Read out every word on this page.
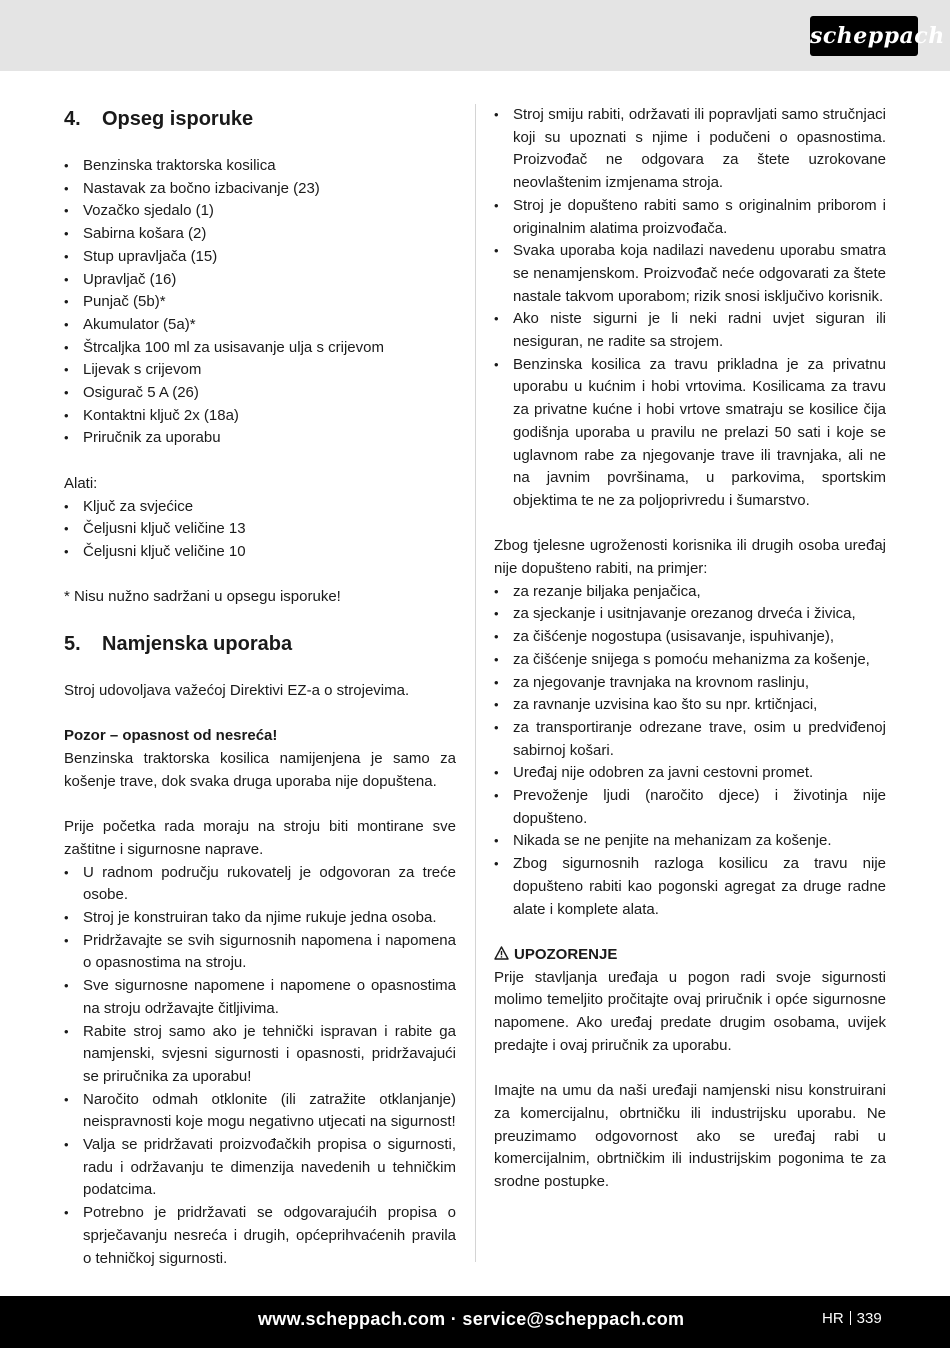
scheppach
4.	Opseg isporuke
• Benzinska traktorska kosilica
• Nastavak za bočno izbacivanje (23)
• Vozačko sjedalo (1)
• Sabirna košara (2)
• Stup upravljača (15)
• Upravljač (16)
• Punjač (5b)*
• Akumulator (5a)*
• Štrcaljka 100 ml za usisavanje ulja s crijevom
• Lijevak s crijevom
• Osigurač 5 A (26)
• Kontaktni ključ 2x (18a)
• Priručnik za uporabu

Alati:

• Ključ za svjećice
• Čeljusni ključ veličine 13
• Čeljusni ključ veličine 10

* Nisu nužno sadržani u opsegu isporuke!

5.	Namjenska uporaba

Stroj udovoljava važećoj Direktivi EZ-a o strojevima.

Pozor – opasnost od nesreća!

Benzinska traktorska kosilica namijenjena je samo za košenje trave, dok svaka druga uporaba nije dopuštena.

Prije početka rada moraju na stroju biti montirane sve zaštitne i sigurnosne naprave.

• U radnom području rukovatelj je odgovoran za treće osobe.
• Stroj je konstruiran tako da njime rukuje jedna osoba.
• Pridržavajte se svih sigurnosnih napomena i napomena o opasnostima na stroju.
• Sve sigurnosne napomene i napomene o opasnostima na stroju održavajte čitljivima.
• Rabite stroj samo ako je tehnički ispravan i rabite ga namjenski, svjesni sigurnosti i opasnosti, pridržavajući se priručnika za uporabu!
• Naročito odmah otklonite (ili zatražite otklanjanje) neispravnosti koje mogu negativno utjecati na sigurnost!
• Valja se pridržavati proizvođačkih propisa o sigurnosti, radu i održavanju te dimenzija navedenih u tehničkim podatcima.
• Potrebno je pridržavati se odgovarajućih propisa o sprječavanju nesreća i drugih, općeprihvaćenih pravila o tehničkoj sigurnosti.
• Stroj smiju rabiti, održavati ili popravljati samo stručnjaci koji su upoznati s njime i podučeni o opasnostima. Proizvođač ne odgovara za štete uzrokovane neovlaštenim izmjenama stroja.
• Stroj je dopušteno rabiti samo s originalnim priborom i originalnim alatima proizvođača.
• Svaka uporaba koja nadilazi navedenu uporabu smatra se nenamjenskom. Proizvođač neće odgovarati za štete nastale takvom uporabom; rizik snosi isključivo korisnik.
• Ako niste sigurni je li neki radni uvjet siguran ili nesiguran, ne radite sa strojem.
• Benzinska kosilica za travu prikladna je za privatnu uporabu u kućnim i hobi vrtovima. Kosilicama za travu za privatne kućne i hobi vrtove smatraju se kosilice čija godišnja uporaba u pravilu ne prelazi 50 sati i koje se uglavnom rabe za njegovanje trave ili travnjaka, ali ne na javnim površinama, u parkovima, sportskim objektima te ne za poljoprivredu i šumarstvo.

Zbog tjelesne ugroženosti korisnika ili drugih osoba uređaj nije dopušteno rabiti, na primjer:

• za rezanje biljaka penjačica,
• za sjeckanje i usitnjavanje orezanog drveća i živica,
• za čišćenje nogostupa (usisavanje, ispuhivanje),
• za čišćenje snijega s pomoću mehanizma za košenje,
• za njegovanje travnjaka na krovnom raslinju,
• za ravnanje uzvisina kao što su npr. krtičnjaci,
• za transportiranje odrezane trave, osim u predviđenoj sabirnoj košari.
• Uređaj nije odobren za javni cestovni promet.
• Prevoženje ljudi (naročito djece) i životinja nije dopušteno.
• Nikada se ne penjite na mehanizam za košenje.
• Zbog sigurnosnih razloga kosilicu za travu nije dopušteno rabiti kao pogonski agregat za druge radne alate i komplete alata.

UPOZORENJE

Prije stavljanja uređaja u pogon radi svoje sigurnosti molimo temeljito pročitajte ovaj priručnik i opće sigurnosne napomene. Ako uređaj predate drugim osobama, uvijek predajte i ovaj priručnik za uporabu.

Imajte na umu da naši uređaji namjenski nisu konstruirani za komercijalnu, obrtničku ili industrijsku uporabu. Ne preuzimamo odgovornost ako se uređaj rabi u komercijalnim, obrtničkim ili industrijskim pogonima te za srodne postupke.

www.scheppach.com · service@scheppach.com	HR 339
